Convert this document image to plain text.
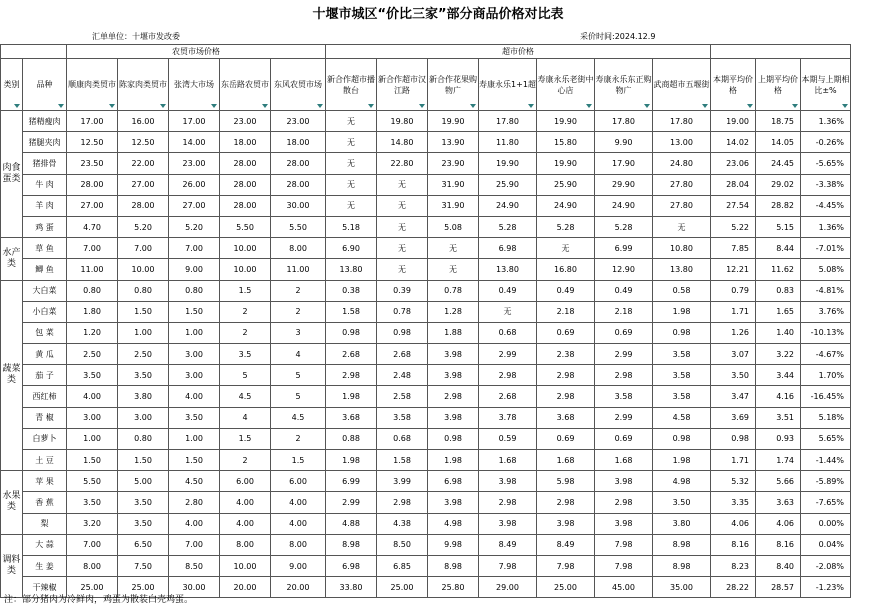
十堰市城区“价比三家”部分商品价格对比表
汇单单位：十堰市发改委	采价时间:2024.12.9
		农贸市场价格					超市价格									

类别	品种	顺康肉类贸市	陈家肉类贸市	张湾大市场	东岳路农贸市	东风农贸市场	新合作超市播散台	新合作超市汉江路	新合作花果购物广	寿康永乐1+1超	寿康永乐老街中心店	寿康永乐东正购物广	武商超市五堰街	本期平均价格	上期平均价格	本期与上期相比±%

肉食蛋类	猪精瘦肉	17.00	16.00	17.00	23.00	23.00	无	19.80	19.90	17.80	19.90	17.80	17.80	19.00	18.75	1.36%
	猪腿夹肉	12.50	12.50	14.00	18.00	18.00	无	14.80	13.90	11.80	15.80	9.90	13.00	14.02	14.05	-0.26%
	猪排骨	23.50	22.00	23.00	28.00	28.00	无	22.80	23.90	19.90	19.90	17.90	24.80	23.06	24.45	-5.65%
	牛 肉	28.00	27.00	26.00	28.00	28.00	无	无	31.90	25.90	25.90	29.90	27.80	28.04	29.02	-3.38%
	羊 肉	27.00	28.00	27.00	28.00	30.00	无	无	31.90	24.90	24.90	24.90	27.80	27.54	28.82	-4.45%
	鸡 蛋	4.70	5.20	5.20	5.50	5.50	5.18	无	5.08	5.28	5.28	5.28	无	5.22	5.15	1.36%
水产类	草 鱼	7.00	7.00	7.00	10.00	8.00	6.90	无	无	6.98	无	6.99	10.80	7.85	8.44	-7.01%
	鲫 鱼	11.00	10.00	9.00	10.00	11.00	13.80	无	无	13.80	16.80	12.90	13.80	12.21	11.62	5.08%
蔬菜类	大白菜	0.80	0.80	0.80	1.5	2	0.38	0.39	0.78	0.49	0.49	0.49	0.58	0.79	0.83	-4.81%
	小白菜	1.80	1.50	1.50	2	2	1.58	0.78	1.28	无	2.18	2.18	1.98	1.71	1.65	3.76%
	包 菜	1.20	1.00	1.00	2	3	0.98	0.98	1.88	0.68	0.69	0.69	0.98	1.26	1.40	-10.13%
	黄 瓜	2.50	2.50	3.00	3.5	4	2.68	2.68	3.98	2.99	2.38	2.99	3.58	3.07	3.22	-4.67%
	茄 子	3.50	3.50	3.00	5	5	2.98	2.48	3.98	2.98	2.98	2.98	3.58	3.50	3.44	1.70%
	西红柿	4.00	3.80	4.00	4.5	5	1.98	2.58	2.98	2.68	2.98	3.58	3.58	3.47	4.16	-16.45%
	青 椒	3.00	3.00	3.50	4	4.5	3.68	3.58	3.98	3.78	3.68	2.99	4.58	3.69	3.51	5.18%
	白萝卜	1.00	0.80	1.00	1.5	2	0.88	0.68	0.98	0.59	0.69	0.69	0.98	0.98	0.93	5.65%
	土 豆	1.50	1.50	1.50	2	1.5	1.98	1.58	1.98	1.68	1.68	1.68	1.98	1.71	1.74	-1.44%
水果类	苹 果	5.50	5.00	4.50	6.00	6.00	6.99	3.99	6.98	3.98	5.98	3.98	4.98	5.32	5.66	-5.89%
	香 蕉	3.50	3.50	2.80	4.00	4.00	2.99	2.98	3.98	2.98	2.98	2.98	3.50	3.35	3.63	-7.65%
	梨	3.20	3.50	4.00	4.00	4.00	4.88	4.38	4.98	3.98	3.98	3.98	3.80	4.06	4.06	0.00%
调料类	大 蒜	7.00	6.50	7.00	8.00	8.00	8.98	8.50	9.98	8.49	8.49	7.98	8.98	8.16	8.16	0.04%
	生 姜	8.00	7.50	8.50	10.00	9.00	6.98	6.85	8.98	7.98	7.98	7.98	8.98	8.23	8.40	-2.08%
	干辣椒	25.00	25.00	30.00	20.00	20.00	33.80	25.00	25.80	29.00	25.00	45.00	35.00	28.22	28.57	-1.23%
注：部分猪肉为冷鲜肉，鸡蛋为散装白壳鸡蛋。
